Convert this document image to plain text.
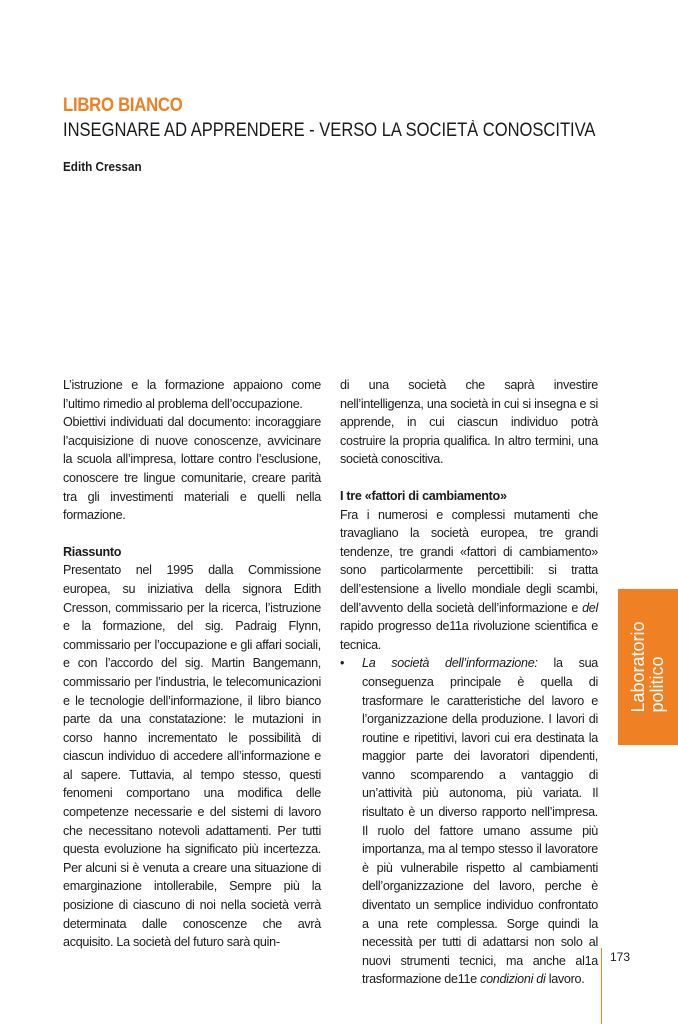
LIBRO BIANCO
INSEGNARE AD APPRENDERE - VERSO LA SOCIETÀ CONOSCITIVA
Edith Cressan

L’istruzione e la formazione appaiono come l’ultimo rimedio al problema dell’occupazione.

Obiettivi individuati dal documento: incoraggiare l’acquisizione di nuove conoscenze, avvicinare la scuola all’impresa, lottare contro l’esclusione, conoscere tre lingue comunitarie, creare parità tra gli investimenti materiali e quelli nella formazione.

Riassunto

Presentato nel 1995 dalla Commissione europea, su iniziativa della signora Edith Cresson, commissario per la ricerca, l’istruzione e la formazione, del sig. Padraig Flynn, commissario per l’occupazione e gli affari sociali, e con l’accordo del sig. Martin Bangemann, commissario per l’industria, le telecomunicazioni e le tecnologie dell’informazione, il libro bianco parte da una constatazione: le mutazioni in corso hanno incrementato le possibilità di ciascun individuo di accedere all’informazione e al sapere. Tuttavia, al tempo stesso, questi fenomeni comportano una modifica delle competenze necessarie e del sistemi di lavoro che necessitano notevoli adattamenti. Per tutti questa evoluzione ha significato più incertezza. Per alcuni si è venuta a creare una situazione di emarginazione intollerabile, Sempre più la posizione di ciascuno di noi nella società verrà determinata dalle conoscenze che avrà acquisito. La società del futuro sarà quin-

di una società che saprà investire nell’intelligenza, una società in cui si insegna e si apprende, in cui ciascun individuo potrà costruire la propria qualifica. In altro termini, una società conoscitiva.

I tre «fattori di cambiamento»

Fra i numerosi e complessi mutamenti che travagliano la società europea, tre grandi tendenze, tre grandi «fattori di cambiamento» sono particolarmente percettibili: si tratta dell’estensione a livello mondiale degli scambi, dell’avvento della società dell’informazione e del rapido progresso de11a rivoluzione scientifica e tecnica.

•	La società dell’informazione: la sua conseguenza principale è quella di trasformare le caratteristiche del lavoro e l’organizzazione della produzione. I lavori di routine e ripetitivi, lavori cui era destinata la maggior parte dei lavoratori dipendenti, vanno scomparendo a vantaggio di un’attività più autonoma, più variata. Il risultato è un diverso rapporto nell’impresa. Il ruolo del fattore umano assume più importanza, ma al tempo stesso il lavoratore è più vulnerabile rispetto al cambiamenti dell’organizzazione del lavoro, perche è diventato un semplice individuo confrontato a una rete complessa. Sorge quindi la necessità per tutti di adattarsi non solo al nuovi strumenti tecnici, ma anche al1a trasformazione de11e condizioni di lavoro.
Laboratorio politico
173
